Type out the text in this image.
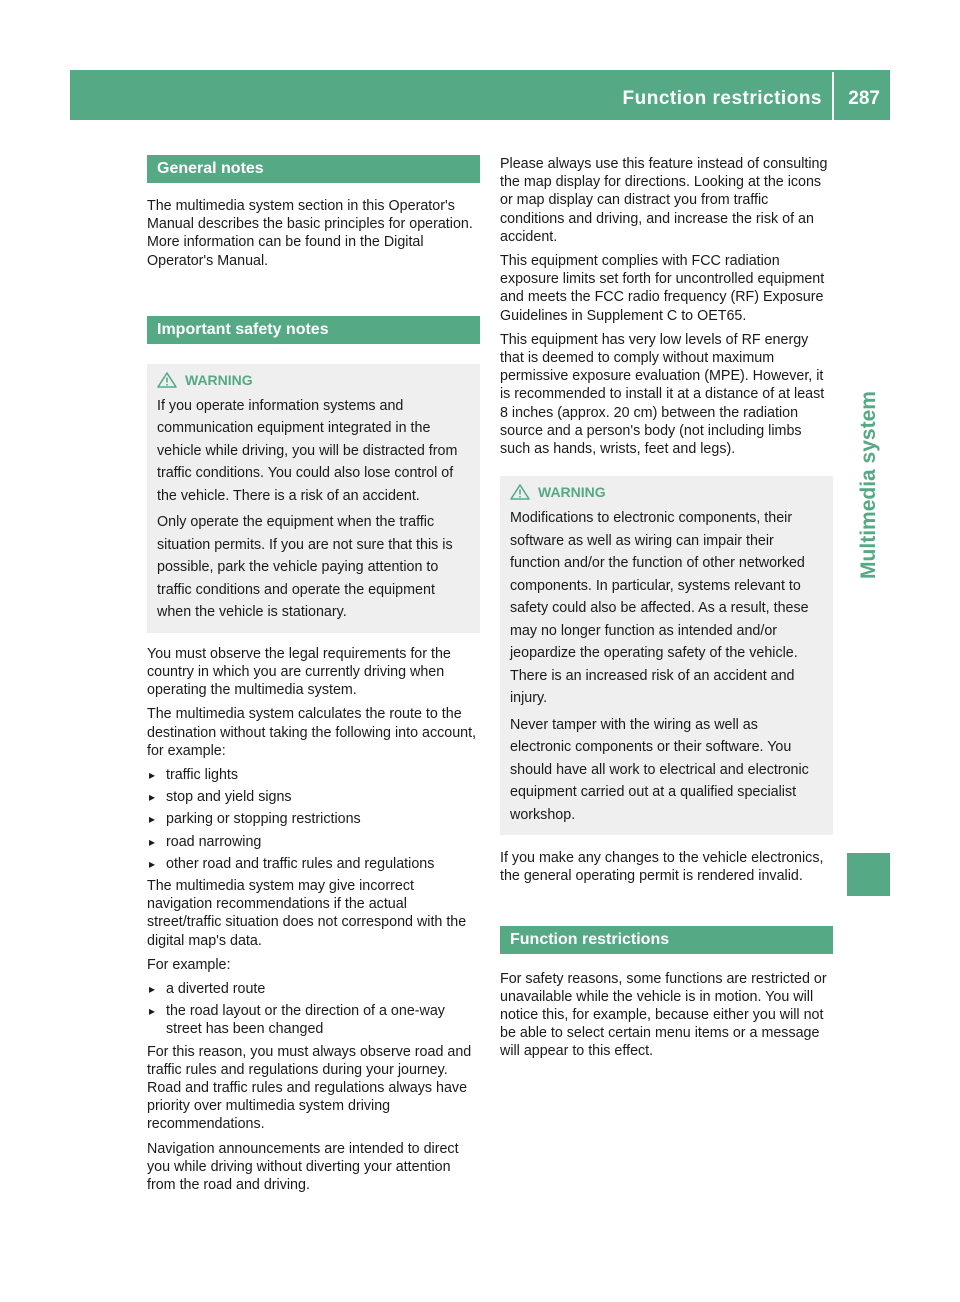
Function restrictions 287
Multimedia system
General notes

The multimedia system section in this Operator's Manual describes the basic principles for operation. More information can be found in the Digital Operator's Manual.

Important safety notes
WARNING

If you operate information systems and communication equipment integrated in the vehicle while driving, you will be distracted from traffic conditions. You could also lose control of the vehicle. There is a risk of an accident.

Only operate the equipment when the traffic situation permits. If you are not sure that this is possible, park the vehicle paying attention to traffic conditions and operate the equipment when the vehicle is stationary.

You must observe the legal requirements for the country in which you are currently driving when operating the multimedia system.

The multimedia system calculates the route to the destination without taking the following into account, for example:

▸ traffic lights
▸ stop and yield signs
▸ parking or stopping restrictions
▸ road narrowing
▸ other road and traffic rules and regulations

The multimedia system may give incorrect navigation recommendations if the actual street/traffic situation does not correspond with the digital map's data.

For example:

▸ a diverted route
▸ the road layout or the direction of a one-way street has been changed

For this reason, you must always observe road and traffic rules and regulations during your journey. Road and traffic rules and regulations always have priority over multimedia system driving recommendations.

Navigation announcements are intended to direct you while driving without diverting your attention from the road and driving.

Please always use this feature instead of consulting the map display for directions. Looking at the icons or map display can distract you from traffic conditions and driving, and increase the risk of an accident.

This equipment complies with FCC radiation exposure limits set forth for uncontrolled equipment and meets the FCC radio frequency (RF) Exposure Guidelines in Supplement C to OET65.

This equipment has very low levels of RF energy that is deemed to comply without maximum permissive exposure evaluation (MPE). However, it is recommended to install it at a distance of at least 8 inches (approx. 20 cm) between the radiation source and a person's body (not including limbs such as hands, wrists, feet and legs).

WARNING

Modifications to electronic components, their software as well as wiring can impair their function and/or the function of other networked components. In particular, systems relevant to safety could also be affected. As a result, these may no longer function as intended and/or jeopardize the operating safety of the vehicle. There is an increased risk of an accident and injury.

Never tamper with the wiring as well as electronic components or their software. You should have all work to electrical and electronic equipment carried out at a qualified specialist workshop.

If you make any changes to the vehicle electronics, the general operating permit is rendered invalid.

Function restrictions

For safety reasons, some functions are restricted or unavailable while the vehicle is in motion. You will notice this, for example, because either you will not be able to select certain menu items or a message will appear to this effect.
